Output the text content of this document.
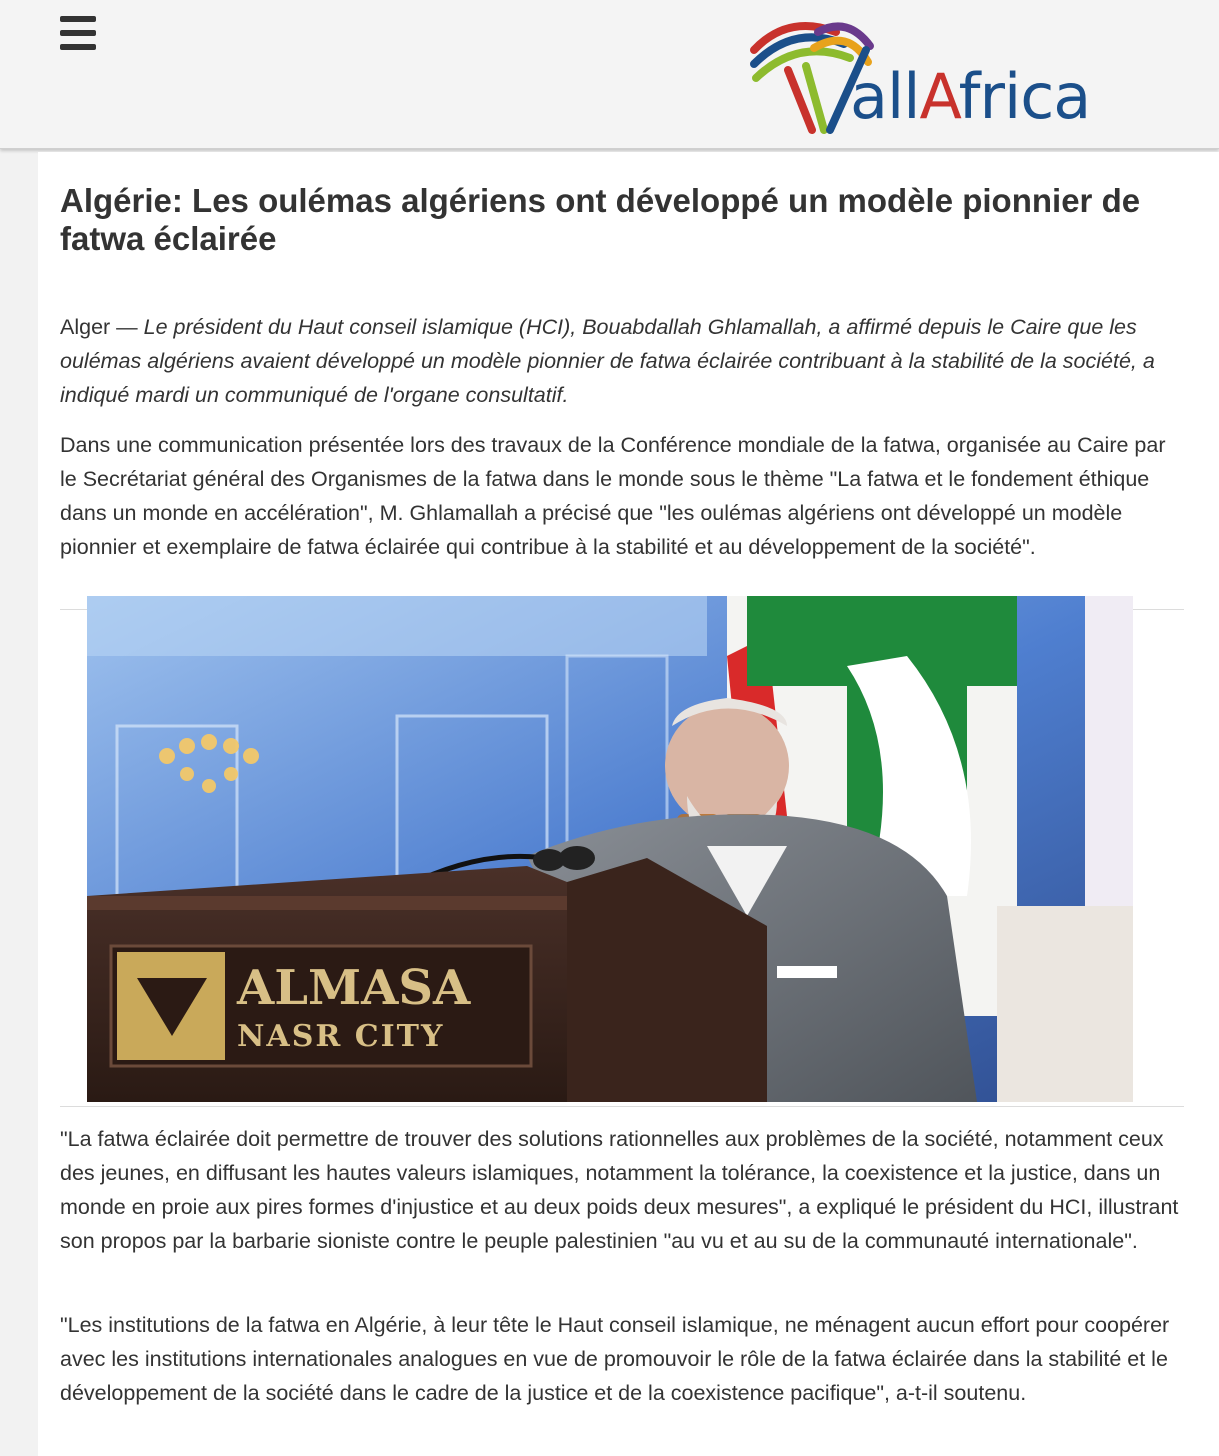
allAfrica
Algérie: Les oulémas algériens ont développé un modèle pionnier de fatwa éclairée

Alger — Le président du Haut conseil islamique (HCI), Bouabdallah Ghlamallah, a affirmé depuis le Caire que les oulémas algériens avaient développé un modèle pionnier de fatwa éclairée contribuant à la stabilité de la société, a indiqué mardi un communiqué de l'organe consultatif.

Dans une communication présentée lors des travaux de la Conférence mondiale de la fatwa, organisée au Caire par le Secrétariat général des Organismes de la fatwa dans le monde sous le thème "La fatwa et le fondement éthique dans un monde en accélération", M. Ghlamallah a précisé que "les oulémas algériens ont développé un modèle pionnier et exemplaire de fatwa éclairée qui contribue à la stabilité et au développement de la société".

ALMASA
NASR CITY

"La fatwa éclairée doit permettre de trouver des solutions rationnelles aux problèmes de la société, notamment ceux des jeunes, en diffusant les hautes valeurs islamiques, notamment la tolérance, la coexistence et la justice, dans un monde en proie aux pires formes d'injustice et au deux poids deux mesures", a expliqué le président du HCI, illustrant son propos par la barbarie sioniste contre le peuple palestinien "au vu et au su de la communauté internationale".

"Les institutions de la fatwa en Algérie, à leur tête le Haut conseil islamique, ne ménagent aucun effort pour coopérer avec les institutions internationales analogues en vue de promouvoir le rôle de la fatwa éclairée dans la stabilité et le développement de la société dans le cadre de la justice et de la coexistence pacifique", a-t-il soutenu.
